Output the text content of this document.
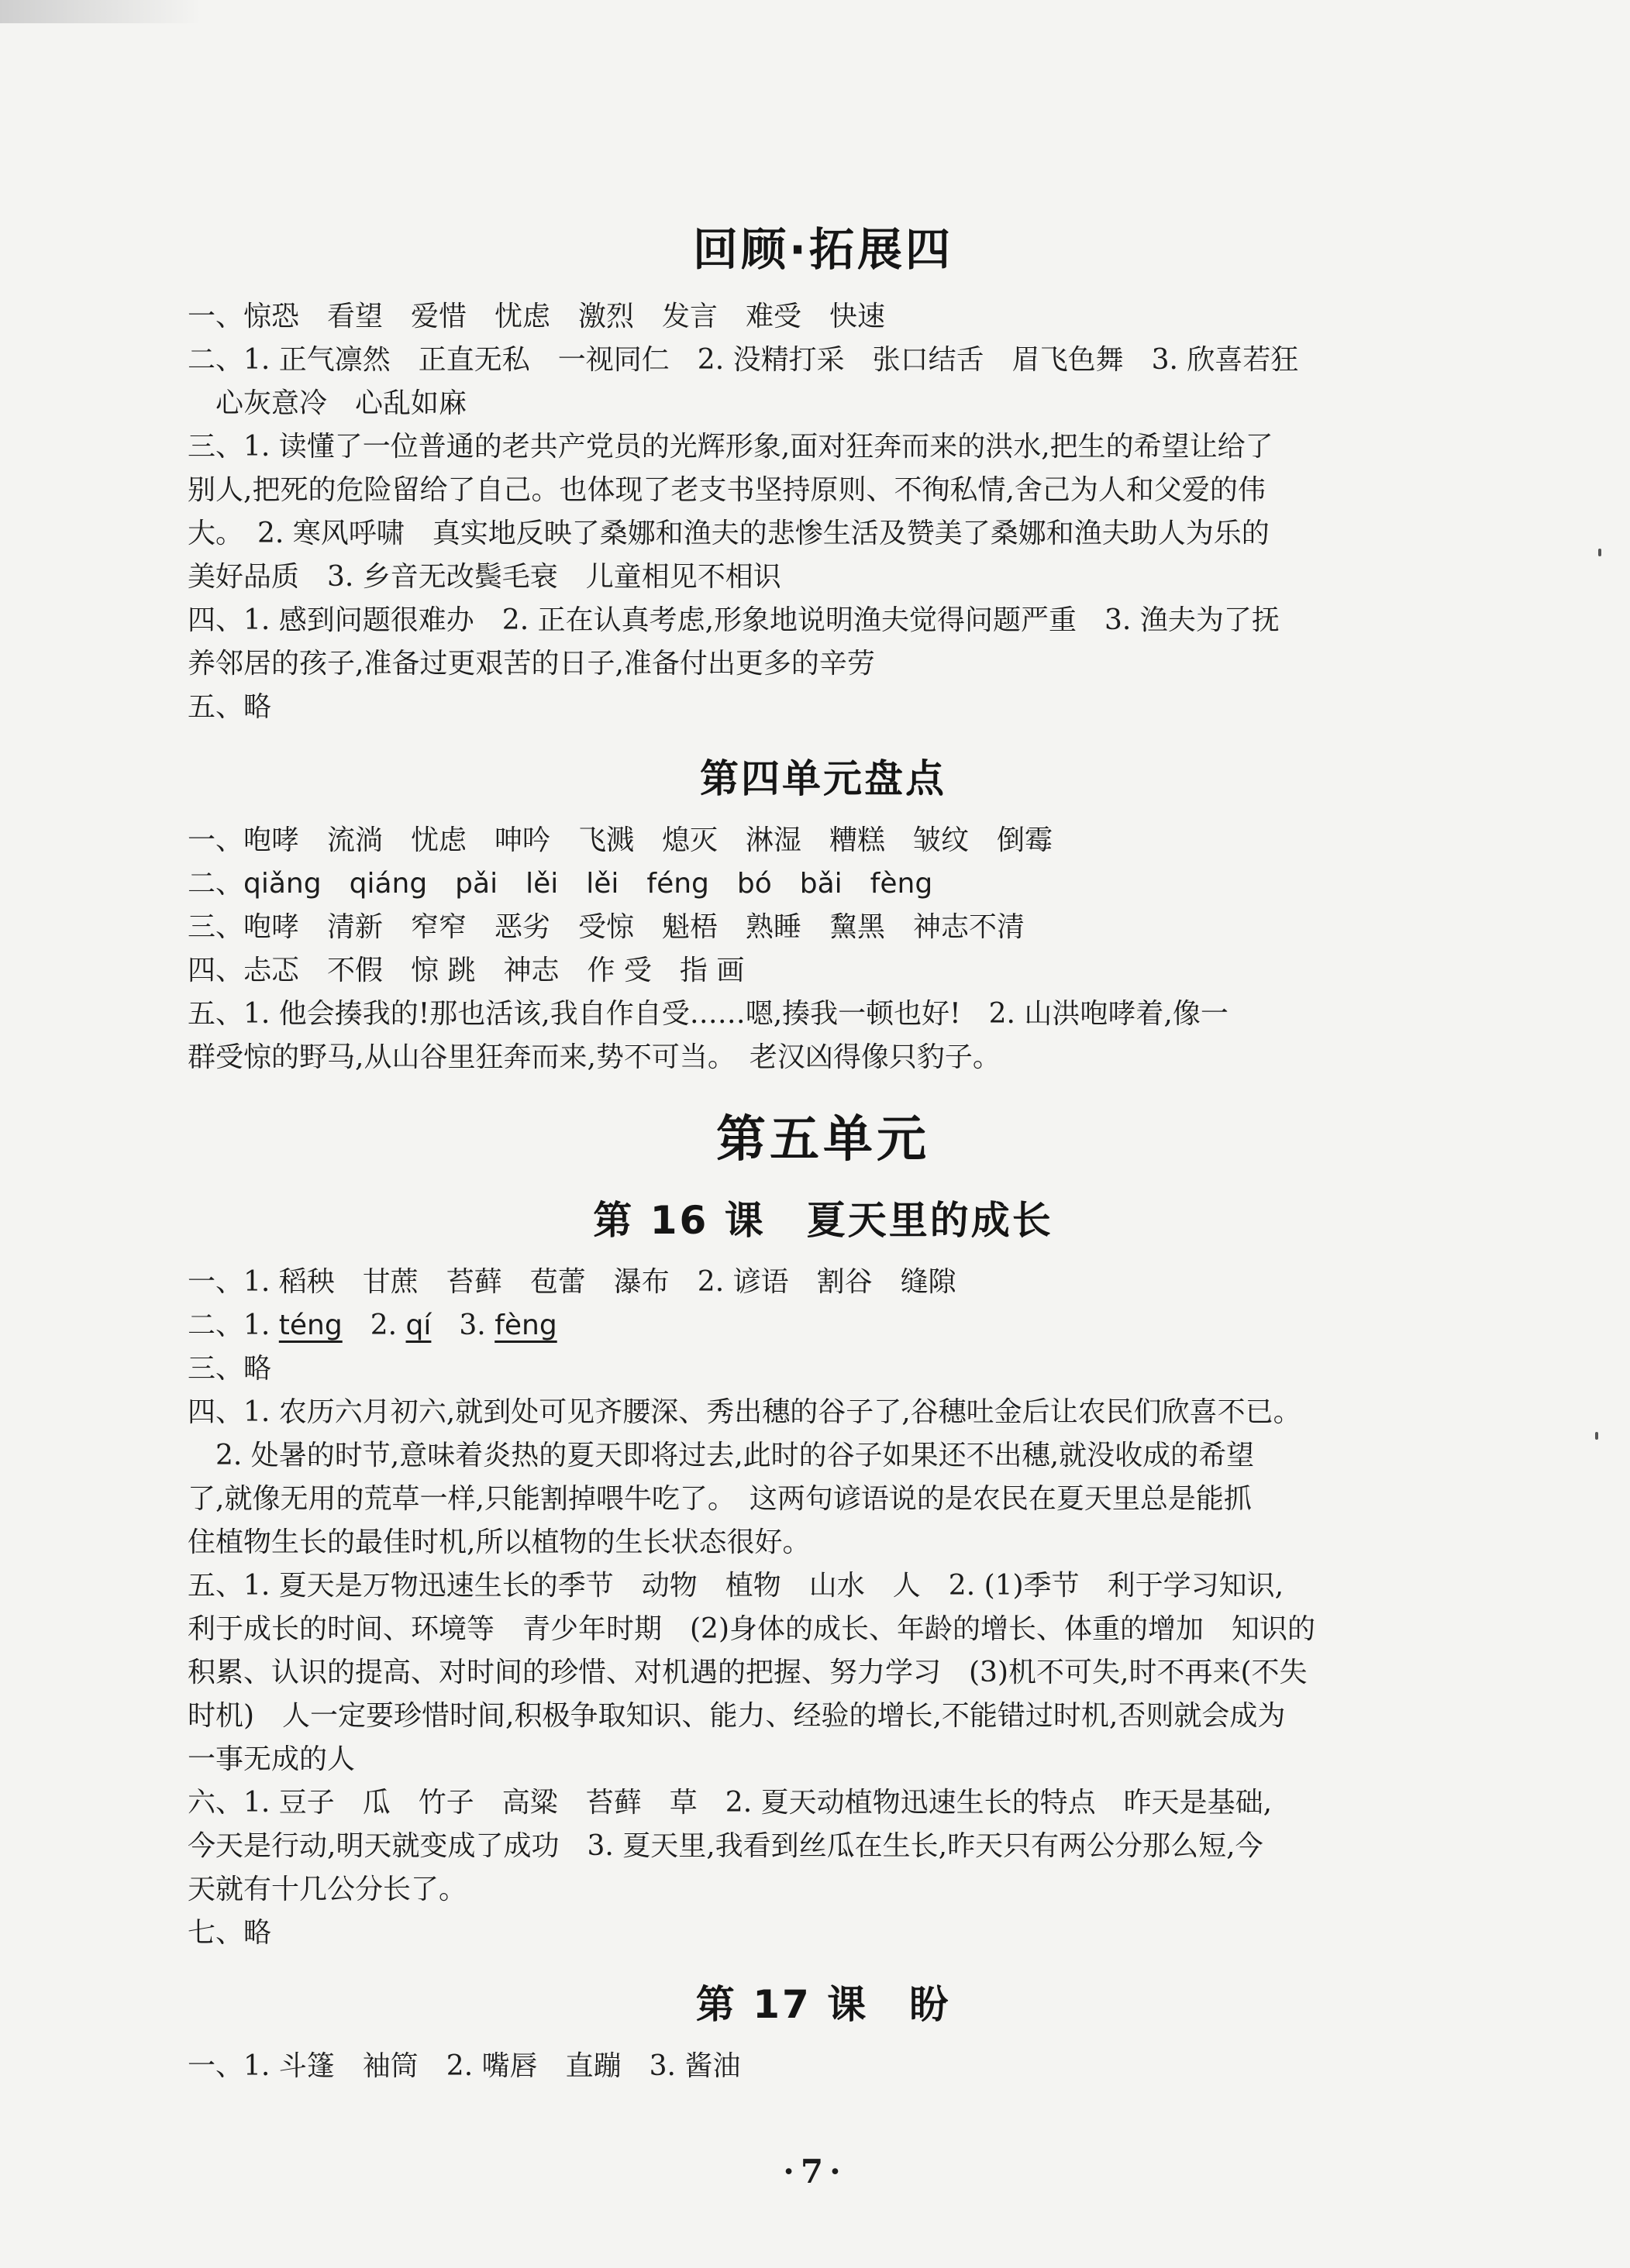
回顾·拓展四
一、惊恐　看望　爱惜　忧虑　激烈　发言　难受　快速
二、1. 正气凛然　正直无私　一视同仁　2. 没精打采　张口结舌　眉飞色舞　3. 欣喜若狂
心灰意冷　心乱如麻
三、1. 读懂了一位普通的老共产党员的光辉形象,面对狂奔而来的洪水,把生的希望让给了
别人,把死的危险留给了自己。也体现了老支书坚持原则、不徇私情,舍己为人和父爱的伟
大。　2. 寒风呼啸　真实地反映了桑娜和渔夫的悲惨生活及赞美了桑娜和渔夫助人为乐的
美好品质　3. 乡音无改鬓毛衰　儿童相见不相识
四、1. 感到问题很难办　2. 正在认真考虑,形象地说明渔夫觉得问题严重　3. 渔夫为了抚
养邻居的孩子,准备过更艰苦的日子,准备付出更多的辛劳
五、略
第四单元盘点
一、咆哮　流淌　忧虑　呻吟　飞溅　熄灭　淋湿　糟糕　皱纹　倒霉
二、qiǎng　qiáng　pǎi　lěi　lěi　féng　bó　bǎi　fèng
三、咆哮　清新　窄窄　恶劣　受惊　魁梧　熟睡　黧黑　神志不清
四、忐忑　不假　惊 跳　神志　作 受　指 画
五、1. 他会揍我的!那也活该,我自作自受……嗯,揍我一顿也好!　2. 山洪咆哮着,像一
群受惊的野马,从山谷里狂奔而来,势不可当。　老汉凶得像只豹子。
第五单元
第 16 课　夏天里的成长
一、1. 稻秧　甘蔗　苔藓　苞蕾　瀑布　2. 谚语　割谷　缝隙
二、1. téng　2. qí　3. fèng
三、略
四、1. 农历六月初六,就到处可见齐腰深、秀出穗的谷子了,谷穗吐金后让农民们欣喜不已。
2. 处暑的时节,意味着炎热的夏天即将过去,此时的谷子如果还不出穗,就没收成的希望
了,就像无用的荒草一样,只能割掉喂牛吃了。　这两句谚语说的是农民在夏天里总是能抓
住植物生长的最佳时机,所以植物的生长状态很好。
五、1. 夏天是万物迅速生长的季节　动物　植物　山水　人　2. (1)季节　利于学习知识,
利于成长的时间、环境等　青少年时期　(2)身体的成长、年龄的增长、体重的增加　知识的
积累、认识的提高、对时间的珍惜、对机遇的把握、努力学习　(3)机不可失,时不再来(不失
时机)　人一定要珍惜时间,积极争取知识、能力、经验的增长,不能错过时机,否则就会成为
一事无成的人
六、1. 豆子　瓜　竹子　高粱　苔藓　草　2. 夏天动植物迅速生长的特点　昨天是基础,
今天是行动,明天就变成了成功　3. 夏天里,我看到丝瓜在生长,昨天只有两公分那么短,今
天就有十几公分长了。
七、略
第 17 课　盼
一、1. 斗篷　袖筒　2. 嘴唇　直蹦　3. 酱油
·7·
